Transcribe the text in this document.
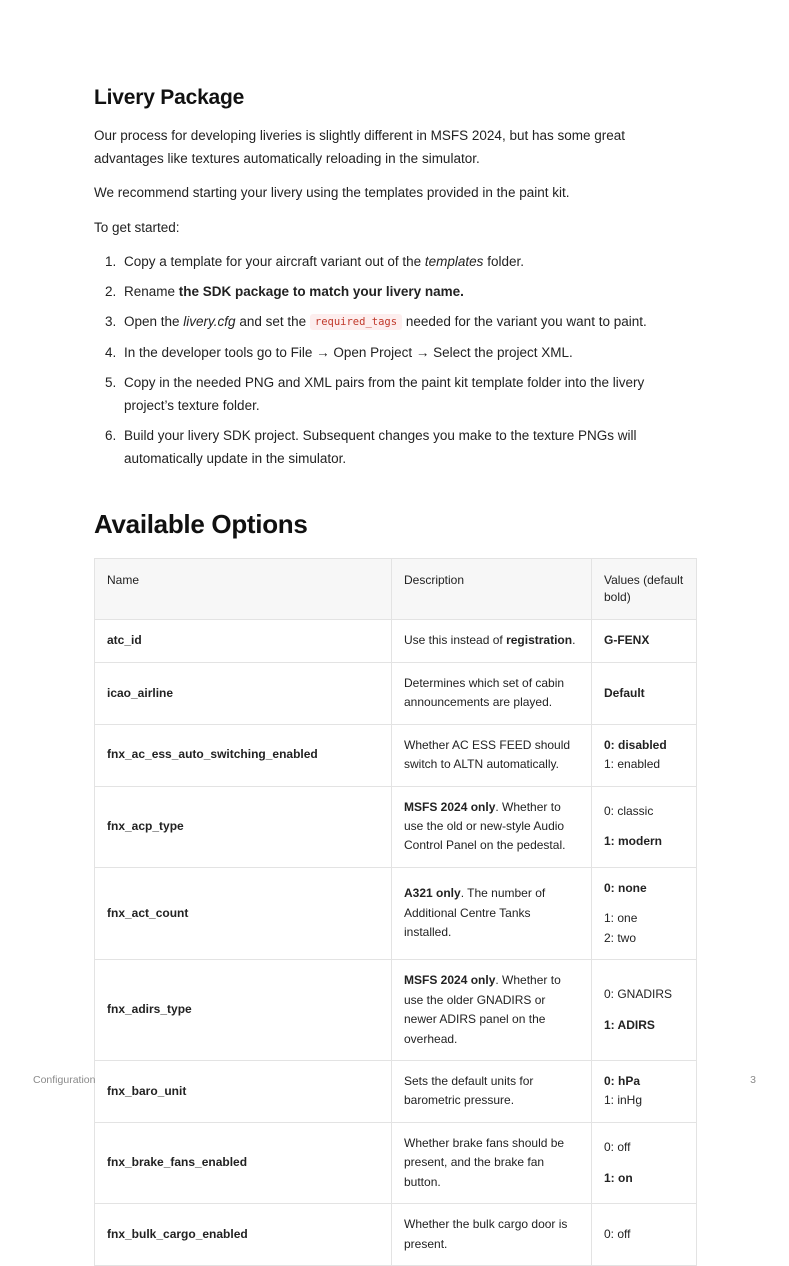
Livery Package

Our process for developing liveries is slightly different in MSFS 2024, but has some great advantages like textures automatically reloading in the simulator.

We recommend starting your livery using the templates provided in the paint kit.

To get started:

1. Copy a template for your aircraft variant out of the templates folder.
2. Rename the SDK package to match your livery name.
3. Open the livery.cfg and set the required_tags needed for the variant you want to paint.
4. In the developer tools go to File → Open Project → Select the project XML.
5. Copy in the needed PNG and XML pairs from the paint kit template folder into the livery project’s texture folder.
6. Build your livery SDK project. Subsequent changes you make to the texture PNGs will automatically update in the simulator.
Available Options
Name	Description	Values (default bold)
atc_id	Use this instead of registration.	G-FENX

icao_airline	Determines which set of cabin announcements are played.	Default

fnx_ac_ess_auto_switching_enabled	Whether AC ESS FEED should switch to ALTN automatically.	0: disabled
1: enabled

fnx_acp_type	MSFS 2024 only. Whether to use the old or new-style Audio Control Panel on the pedestal.	0: classic
1: modern

fnx_act_count	A321 only. The number of Additional Centre Tanks installed.	0: none
1: one
2: two

fnx_adirs_type	MSFS 2024 only. Whether to use the older GNADIRS or newer ADIRS panel on the overhead.	0: GNADIRS
1: ADIRS

fnx_baro_unit	Sets the default units for barometric pressure.	0: hPa
1: inHg

fnx_brake_fans_enabled	Whether brake fans should be present, and the brake fan button.	0: off
1: on

fnx_bulk_cargo_enabled	Whether the bulk cargo door is present.	0: off
Configuration	3
